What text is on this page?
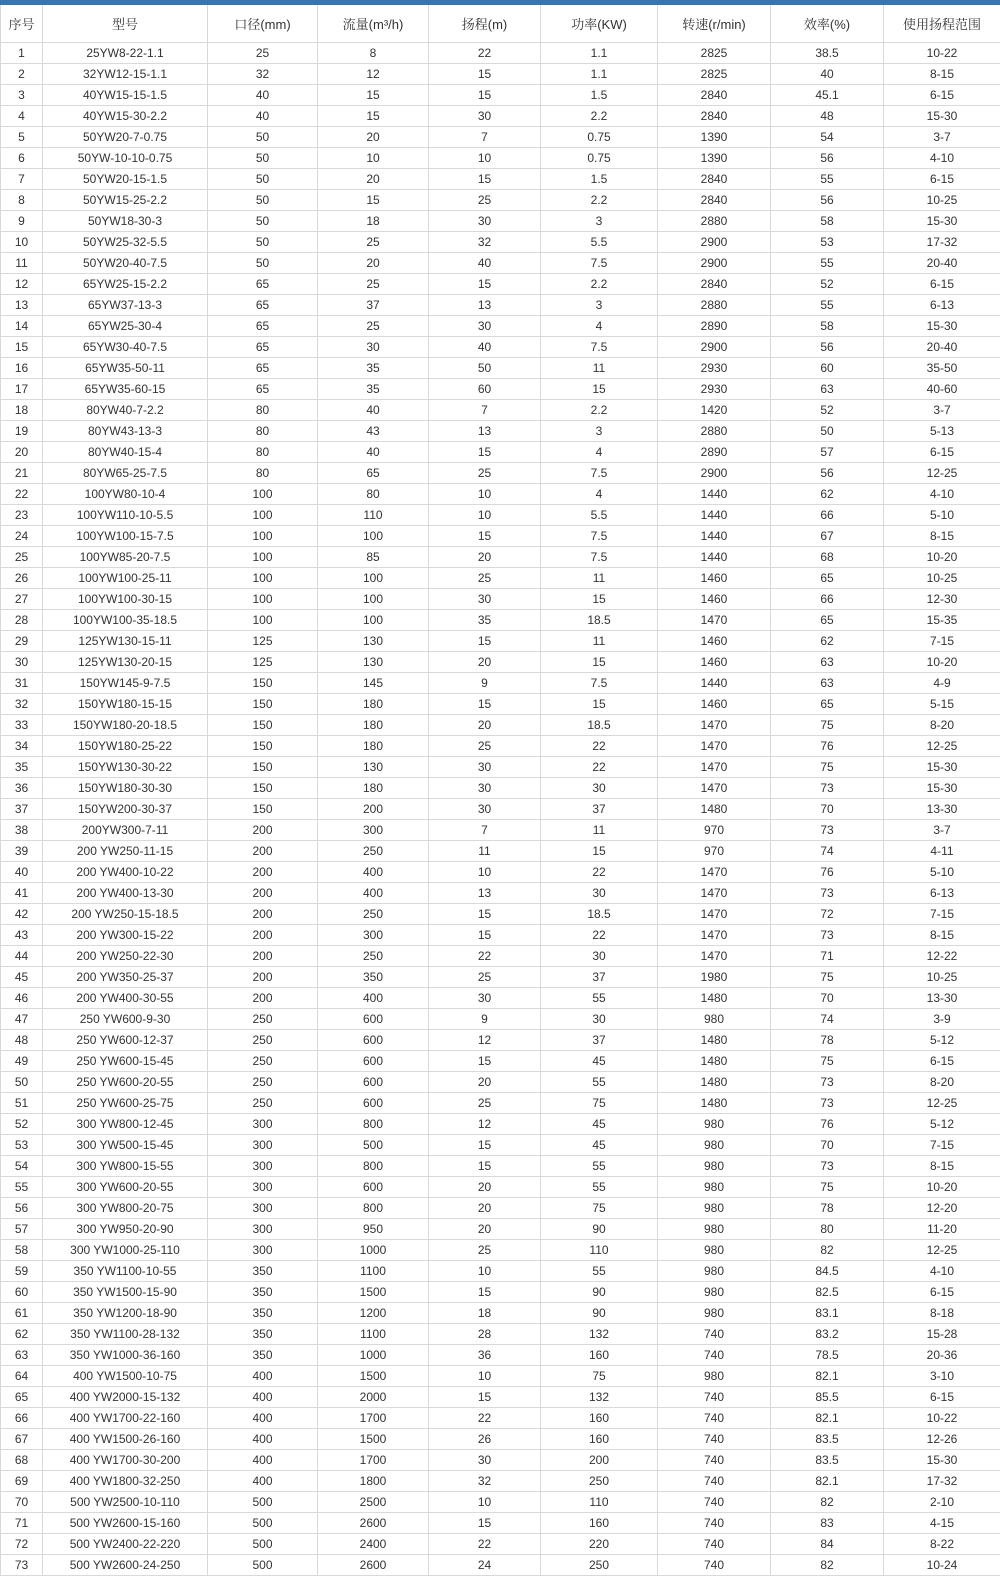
序号	型号	口径(mm)	流量(m³/h)	扬程(m)	功率(KW)	转速(r/min)	效率(%)	使用扬程范围
1	25YW8-22-1.1	25	8	22	1.1	2825	38.5	10-22
2	32YW12-15-1.1	32	12	15	1.1	2825	40	8-15
3	40YW15-15-1.5	40	15	15	1.5	2840	45.1	6-15
4	40YW15-30-2.2	40	15	30	2.2	2840	48	15-30
5	50YW20-7-0.75	50	20	7	0.75	1390	54	3-7
6	50YW-10-10-0.75	50	10	10	0.75	1390	56	4-10
7	50YW20-15-1.5	50	20	15	1.5	2840	55	6-15
8	50YW15-25-2.2	50	15	25	2.2	2840	56	10-25
9	50YW18-30-3	50	18	30	3	2880	58	15-30
10	50YW25-32-5.5	50	25	32	5.5	2900	53	17-32
11	50YW20-40-7.5	50	20	40	7.5	2900	55	20-40
12	65YW25-15-2.2	65	25	15	2.2	2840	52	6-15
13	65YW37-13-3	65	37	13	3	2880	55	6-13
14	65YW25-30-4	65	25	30	4	2890	58	15-30
15	65YW30-40-7.5	65	30	40	7.5	2900	56	20-40
16	65YW35-50-11	65	35	50	11	2930	60	35-50
17	65YW35-60-15	65	35	60	15	2930	63	40-60
18	80YW40-7-2.2	80	40	7	2.2	1420	52	3-7
19	80YW43-13-3	80	43	13	3	2880	50	5-13
20	80YW40-15-4	80	40	15	4	2890	57	6-15
21	80YW65-25-7.5	80	65	25	7.5	2900	56	12-25
22	100YW80-10-4	100	80	10	4	1440	62	4-10
23	100YW110-10-5.5	100	110	10	5.5	1440	66	5-10
24	100YW100-15-7.5	100	100	15	7.5	1440	67	8-15
25	100YW85-20-7.5	100	85	20	7.5	1440	68	10-20
26	100YW100-25-11	100	100	25	11	1460	65	10-25
27	100YW100-30-15	100	100	30	15	1460	66	12-30
28	100YW100-35-18.5	100	100	35	18.5	1470	65	15-35
29	125YW130-15-11	125	130	15	11	1460	62	7-15
30	125YW130-20-15	125	130	20	15	1460	63	10-20
31	150YW145-9-7.5	150	145	9	7.5	1440	63	4-9
32	150YW180-15-15	150	180	15	15	1460	65	5-15
33	150YW180-20-18.5	150	180	20	18.5	1470	75	8-20
34	150YW180-25-22	150	180	25	22	1470	76	12-25
35	150YW130-30-22	150	130	30	22	1470	75	15-30
36	150YW180-30-30	150	180	30	30	1470	73	15-30
37	150YW200-30-37	150	200	30	37	1480	70	13-30
38	200YW300-7-11	200	300	7	11	970	73	3-7
39	200 YW250-11-15	200	250	11	15	970	74	4-11
40	200 YW400-10-22	200	400	10	22	1470	76	5-10
41	200 YW400-13-30	200	400	13	30	1470	73	6-13
42	200 YW250-15-18.5	200	250	15	18.5	1470	72	7-15
43	200 YW300-15-22	200	300	15	22	1470	73	8-15
44	200 YW250-22-30	200	250	22	30	1470	71	12-22
45	200 YW350-25-37	200	350	25	37	1980	75	10-25
46	200 YW400-30-55	200	400	30	55	1480	70	13-30
47	250 YW600-9-30	250	600	9	30	980	74	3-9
48	250 YW600-12-37	250	600	12	37	1480	78	5-12
49	250 YW600-15-45	250	600	15	45	1480	75	6-15
50	250 YW600-20-55	250	600	20	55	1480	73	8-20
51	250 YW600-25-75	250	600	25	75	1480	73	12-25
52	300 YW800-12-45	300	800	12	45	980	76	5-12
53	300 YW500-15-45	300	500	15	45	980	70	7-15
54	300 YW800-15-55	300	800	15	55	980	73	8-15
55	300 YW600-20-55	300	600	20	55	980	75	10-20
56	300 YW800-20-75	300	800	20	75	980	78	12-20
57	300 YW950-20-90	300	950	20	90	980	80	11-20
58	300 YW1000-25-110	300	1000	25	110	980	82	12-25
59	350 YW1100-10-55	350	1100	10	55	980	84.5	4-10
60	350 YW1500-15-90	350	1500	15	90	980	82.5	6-15
61	350 YW1200-18-90	350	1200	18	90	980	83.1	8-18
62	350 YW1100-28-132	350	1100	28	132	740	83.2	15-28
63	350 YW1000-36-160	350	1000	36	160	740	78.5	20-36
64	400 YW1500-10-75	400	1500	10	75	980	82.1	3-10
65	400 YW2000-15-132	400	2000	15	132	740	85.5	6-15
66	400 YW1700-22-160	400	1700	22	160	740	82.1	10-22
67	400 YW1500-26-160	400	1500	26	160	740	83.5	12-26
68	400 YW1700-30-200	400	1700	30	200	740	83.5	15-30
69	400 YW1800-32-250	400	1800	32	250	740	82.1	17-32
70	500 YW2500-10-110	500	2500	10	110	740	82	2-10
71	500 YW2600-15-160	500	2600	15	160	740	83	4-15
72	500 YW2400-22-220	500	2400	22	220	740	84	8-22
73	500 YW2600-24-250	500	2600	24	250	740	82	10-24
